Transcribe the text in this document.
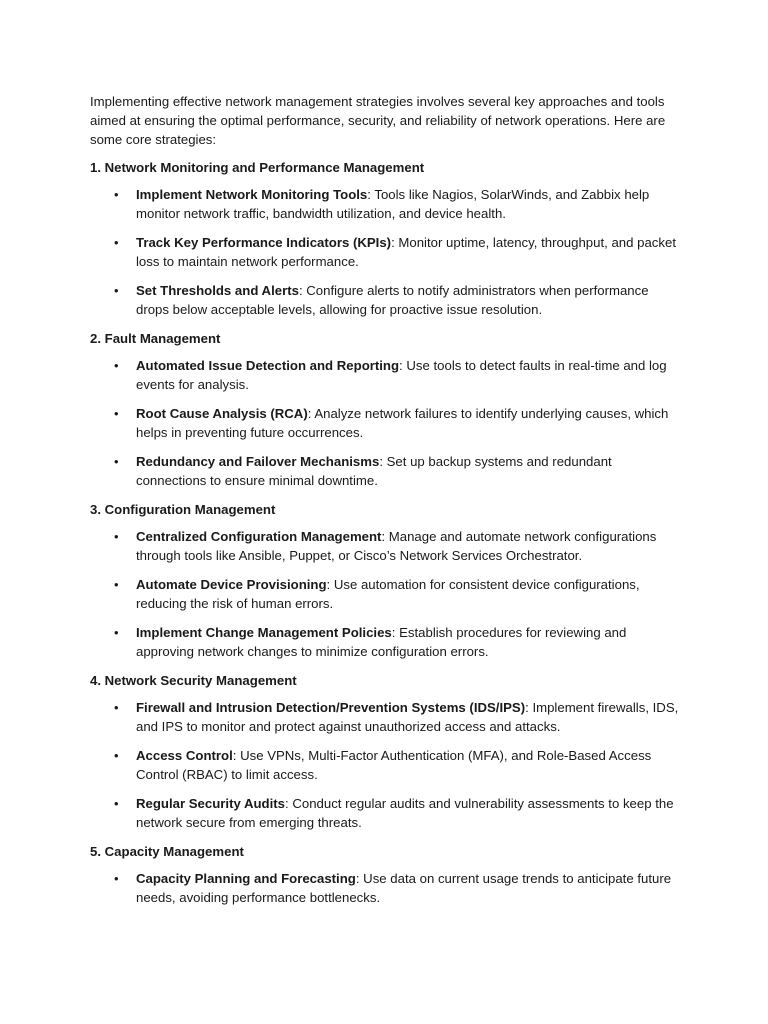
Implementing effective network management strategies involves several key approaches and tools aimed at ensuring the optimal performance, security, and reliability of network operations. Here are some core strategies:

1. Network Monitoring and Performance Management

• Implement Network Monitoring Tools: Tools like Nagios, SolarWinds, and Zabbix help monitor network traffic, bandwidth utilization, and device health.
• Track Key Performance Indicators (KPIs): Monitor uptime, latency, throughput, and packet loss to maintain network performance.
• Set Thresholds and Alerts: Configure alerts to notify administrators when performance drops below acceptable levels, allowing for proactive issue resolution.

2. Fault Management

• Automated Issue Detection and Reporting: Use tools to detect faults in real-time and log events for analysis.
• Root Cause Analysis (RCA): Analyze network failures to identify underlying causes, which helps in preventing future occurrences.
• Redundancy and Failover Mechanisms: Set up backup systems and redundant connections to ensure minimal downtime.

3. Configuration Management

• Centralized Configuration Management: Manage and automate network configurations through tools like Ansible, Puppet, or Cisco’s Network Services Orchestrator.
• Automate Device Provisioning: Use automation for consistent device configurations, reducing the risk of human errors.
• Implement Change Management Policies: Establish procedures for reviewing and approving network changes to minimize configuration errors.

4. Network Security Management

• Firewall and Intrusion Detection/Prevention Systems (IDS/IPS): Implement firewalls, IDS, and IPS to monitor and protect against unauthorized access and attacks.
• Access Control: Use VPNs, Multi-Factor Authentication (MFA), and Role-Based Access Control (RBAC) to limit access.
• Regular Security Audits: Conduct regular audits and vulnerability assessments to keep the network secure from emerging threats.

5. Capacity Management

• Capacity Planning and Forecasting: Use data on current usage trends to anticipate future needs, avoiding performance bottlenecks.
